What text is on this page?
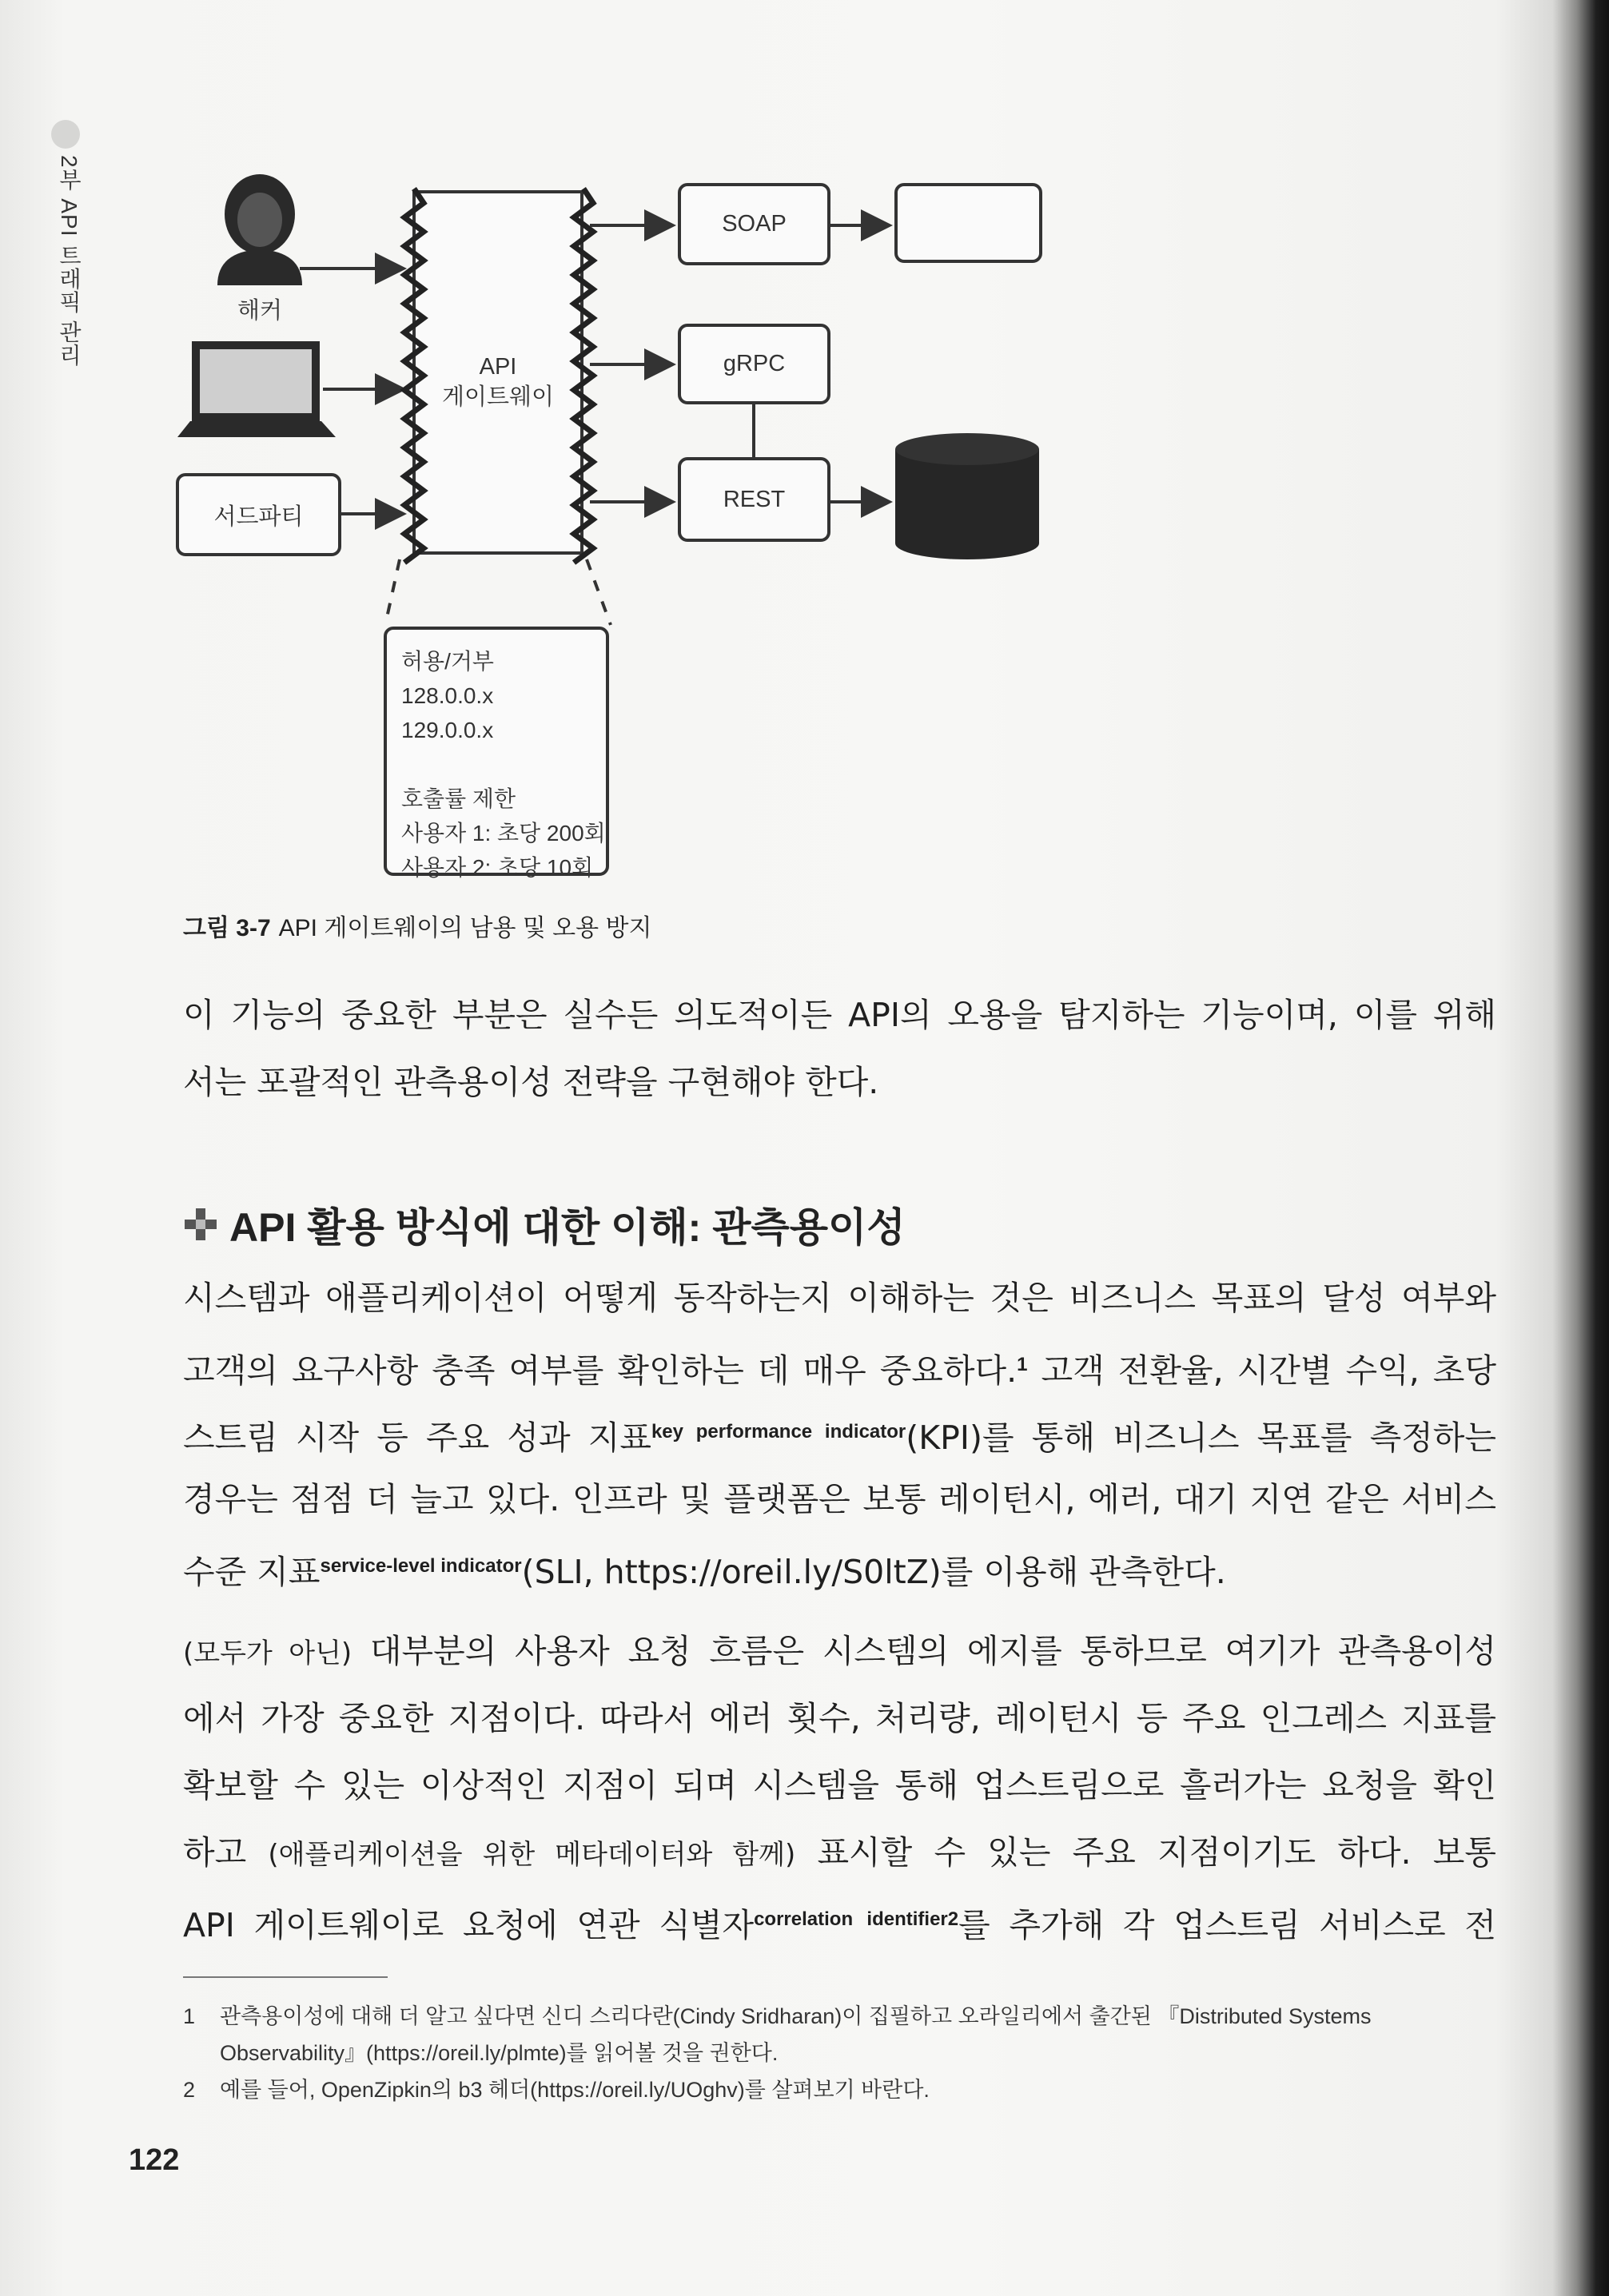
2부 API 트래픽 관리	해커
서드파티
API
게이트웨이
SOAP
gRPC
REST
허용/거부
128.0.0.x
129.0.0.x
호출률 제한
사용자 1: 초당 200회
사용자 2: 초당 10회
그림 3-7 API 게이트웨이의 남용 및 오용 방지
이 기능의 중요한 부분은 실수든 의도적이든 API의 오용을 탐지하는 기능이며, 이를 위해
서는 포괄적인 관측용이성 전략을 구현해야 한다.
API 활용 방식에 대한 이해: 관측용이성
시스템과 애플리케이션이 어떻게 동작하는지 이해하는 것은 비즈니스 목표의 달성 여부와
고객의 요구사항 충족 여부를 확인하는 데 매우 중요하다.$^1$ 고객 전환율, 시간별 수익, 초당
스트림 시작 등 주요 성과 지표$^{key performance indicator}$(KPI)를 통해 비즈니스 목표를 측정하는
경우는 점점 더 늘고 있다. 인프라 및 플랫폼은 보통 레이턴시, 에러, 대기 지연 같은 서비스
수준 지표$^{service-level indicator}$(SLI, https://oreil.ly/S0ltZ)를 이용해 관측한다.
(모두가 아닌) 대부분의 사용자 요청 흐름은 시스템의 에지를 통하므로 여기가 관측용이성
에서 가장 중요한 지점이다. 따라서 에러 횟수, 처리량, 레이턴시 등 주요 인그레스 지표를
확보할 수 있는 이상적인 지점이 되며 시스템을 통해 업스트림으로 흘러가는 요청을 확인
하고 (애플리케이션을 위한 메타데이터와 함께) 표시할 수 있는 주요 지점이기도 하다. 보통
API 게이트웨이로 요청에 연관 식별자$^{correlation identifier2}$를 추가해 각 업스트림 서비스로 전
1	관측용이성에 대해 더 알고 싶다면 신디 스리다란(Cindy Sridharan)이 집필하고 오라일리에서 출간된 『Distributed Systems
Observability』(https://oreil.ly/plmte)를 읽어볼 것을 권한다.
2	예를 들어, OpenZipkin의 b3 헤더(https://oreil.ly/UOghv)를 살펴보기 바란다.
122
